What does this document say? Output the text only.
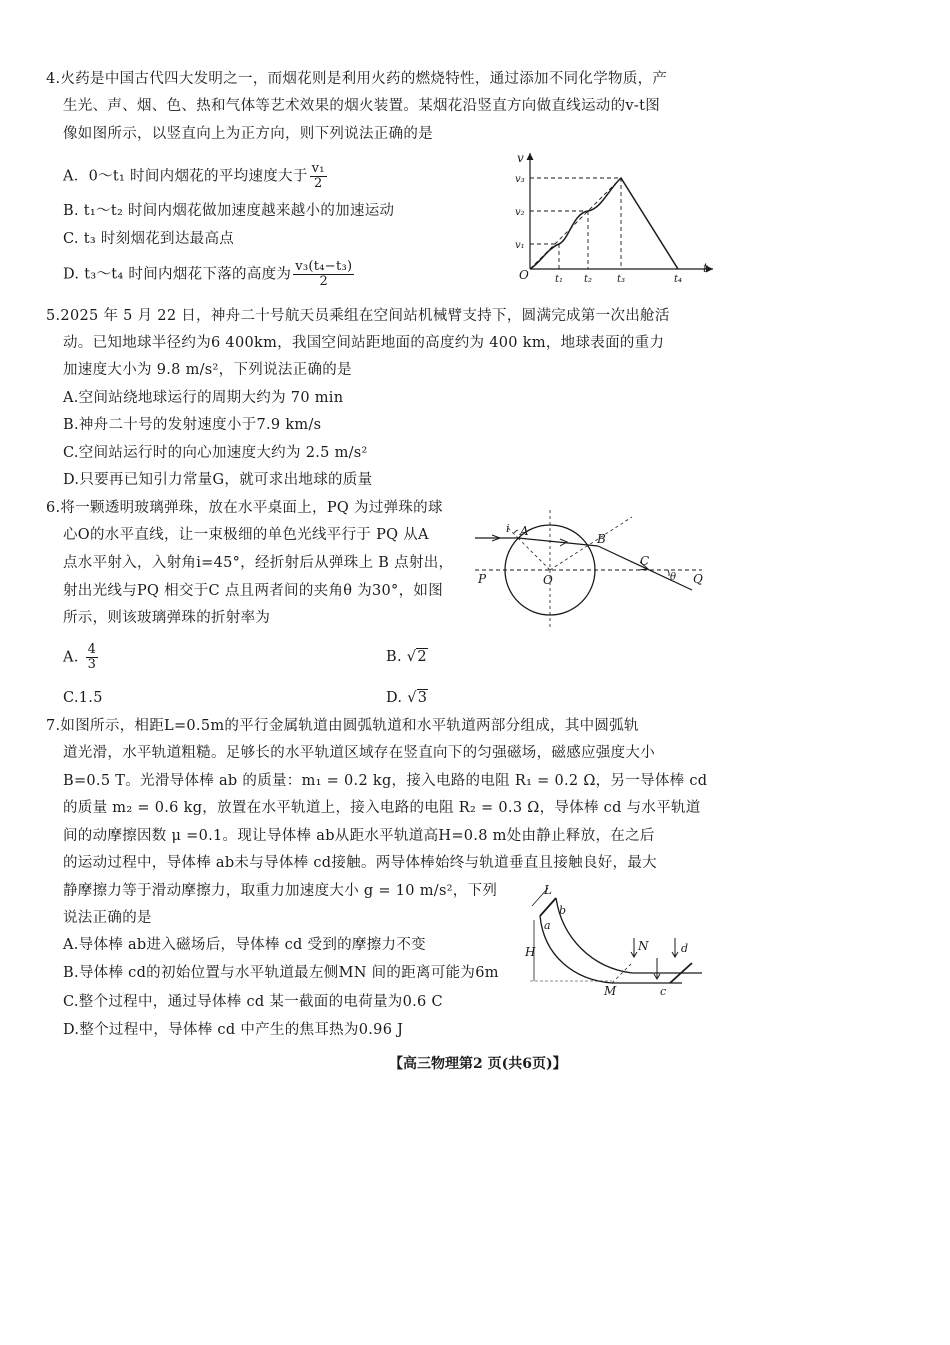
4.火药是中国古代四大发明之一，而烟花则是利用火药的燃烧特性，通过添加不同化学物质，产
生光、声、烟、色、热和气体等艺术效果的烟火装置。某烟花沿竖直方向做直线运动的v-t图
像如图所示，以竖直向上为正方向，则下列说法正确的是
A．0～t₁ 时间内烟花的平均速度大于 $\frac{\text{v₁}}{2}$
B. t₁～t₂ 时间内烟花做加速度越来越小的加速运动
C. t₃ 时刻烟花到达最高点
D. t₃～t₄ 时间内烟花下落的高度为 $\frac{\text{v₃(t₄−t₃)}}{2}$
v
t
O
v₁
v₂
v₃
t₁ t₂ t₃	t₄
5.2025 年 5 月 22 日，神舟二十号航天员乘组在空间站机械臂支持下，圆满完成第一次出舱活
动。已知地球半径约为6 400km，我国空间站距地面的高度约为 400 km，地球表面的重力
加速度大小为 9.8 m/s²，下列说法正确的是
A.空间站绕地球运行的周期大约为 70 min
B.神舟二十号的发射速度小于7.9 km/s
C.空间站运行时的向心加速度大约为 2.5 m/s²
D.只要再已知引力常量G，就可求出地球的质量
6.将一颗透明玻璃弹珠，放在水平桌面上，PQ 为过弹珠的球
心O的水平直线，让一束极细的单色光线平行于 PQ 从A
点水平射入，入射角i=45°，经折射后从弹珠上 B 点射出，
射出光线与PQ 相交于C 点且两者间的夹角θ 为30°，如图
所示，则该玻璃弹珠的折射率为
A. $\frac{4}{3}$	B. √2
C.1.5	D. √3
A
i
B
C
O
P	Q
θ
7.如图所示，相距L=0.5m的平行金属轨道由圆弧轨道和水平轨道两部分组成，其中圆弧轨
道光滑，水平轨道粗糙。足够长的水平轨道区域存在竖直向下的匀强磁场，磁感应强度大小
B=0.5 T。光滑导体棒 ab 的质量：m₁ = 0.2 kg，接入电路的电阻 R₁ = 0.2 Ω，另一导体棒 cd
的质量 m₂ = 0.6 kg，放置在水平轨道上，接入电路的电阻 R₂ = 0.3 Ω，导体棒 cd 与水平轨道
间的动摩擦因数 μ =0.1。现让导体棒 ab从距水平轨道高H=0.8 m处由静止释放，在之后
的运动过程中，导体棒 ab未与导体棒 cd接触。两导体棒始终与轨道垂直且接触良好，最大
静摩擦力等于滑动摩擦力，取重力加速度大小 g = 10 m/s²，下列
说法正确的是
A.导体棒 ab进入磁场后，导体棒 cd 受到的摩擦力不变
B.导体棒 cd的初始位置与水平轨道最左侧MN 间的距离可能为6m
C.整个过程中，通过导体棒 cd 某一截面的电荷量为0.6 C
D.整个过程中，导体棒 cd 中产生的焦耳热为0.96 J
L
a
b
H
M
N
c
d
【高三物理第2 页(共6页)】
